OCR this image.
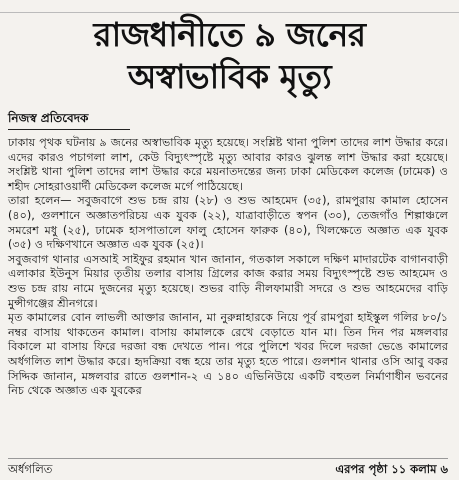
রাজধানীতে ৯ জনের
অস্বাভাবিক মৃত্যু
নিজস্ব প্রতিবেদক

ঢাকায় পৃথক ঘটনায় ৯ জনের অস্বাভাবিক মৃত্যু হয়েছে। সংশ্লিষ্ট থানা পুলিশ তাদের লাশ উদ্ধার করে। এদের কারও পচাগলা লাশ, কেউ বিদ্যুৎস্পৃষ্টে মৃত্যু আবার কারও ঝুলন্ত লাশ উদ্ধার করা হয়েছে। সংশ্লিষ্ট থানা পুলিশ তাদের লাশ উদ্ধার করে ময়নাতদন্তের জন্য ঢাকা মেডিকেল কলেজ (ঢামেক) ও শহীদ সোহরাওয়ার্দী মেডিকেল কলেজ মর্গে পাঠিয়েছে।

তারা হলেন— সবুজবাগে শুভ চন্দ্র রায় (২৮) ও শুভ আহমেদ (৩৫), রামপুরায় কামাল হোসেন (৪০), গুলশানে অজ্ঞাতপরিচয় এক যুবক (২২), যাত্রাবাড়ীতে স্বপন (৩০), তেজগাঁও শিল্পাঞ্চলে সমরেশ মধু (২৫), ঢামেক হাসপাতালে ফালু হোসেন ফারুক (৪০), খিলক্ষেতে অজ্ঞাত এক যুবক (৩৫) ও দক্ষিণখানে অজ্ঞাত এক যুবক (২৫)।

সবুজবাগ থানার এসআই সাইফুর রহমান খান জানান, গতকাল সকালে দক্ষিণ মাদারটেক বাগানবাড়ী এলাকার ইউনুস মিয়ার তৃতীয় তলার বাসায় গ্রিলের কাজ করার সময় বিদ্যুৎস্পৃষ্টে শুভ আহমেদ ও শুভ চন্দ্র রায় নামে দুজনের মৃত্যু হয়েছে। শুভর বাড়ি নীলফামারী সদরে ও শুভ আহমেদের বাড়ি মুন্সীগঞ্জের শ্রীনগরে।

মৃত কামালের বোন লাভলী আক্তার জানান, মা নুরুন্নাহারকে নিয়ে পূর্ব রামপুরা হাইস্কুল গলির ৮০/১ নম্বর বাসায় থাকতেন কামাল। বাসায় কামালকে রেখে বেড়াতে যান মা। তিন দিন পর মঙ্গলবার বিকালে মা বাসায় ফিরে দরজা বন্ধ দেখতে পান। পরে পুলিশে খবর দিলে দরজা ভেঙে কামালের অর্ধগলিত লাশ উদ্ধার করে। হৃদক্রিয়া বন্ধ হয়ে তার মৃত্যু হতে পারে। গুলশান থানার ওসি আবু বকর সিদ্দিক জানান, মঙ্গলবার রাতে গুলশান-২ এ ১৪০ এভিনিউয়ে একটি বহুতল নির্মাণাধীন ভবনের নিচ থেকে অজ্ঞাত এক যুবকের

অর্ধগলিত	এরপর পৃষ্ঠা ১১ কলাম ৬
